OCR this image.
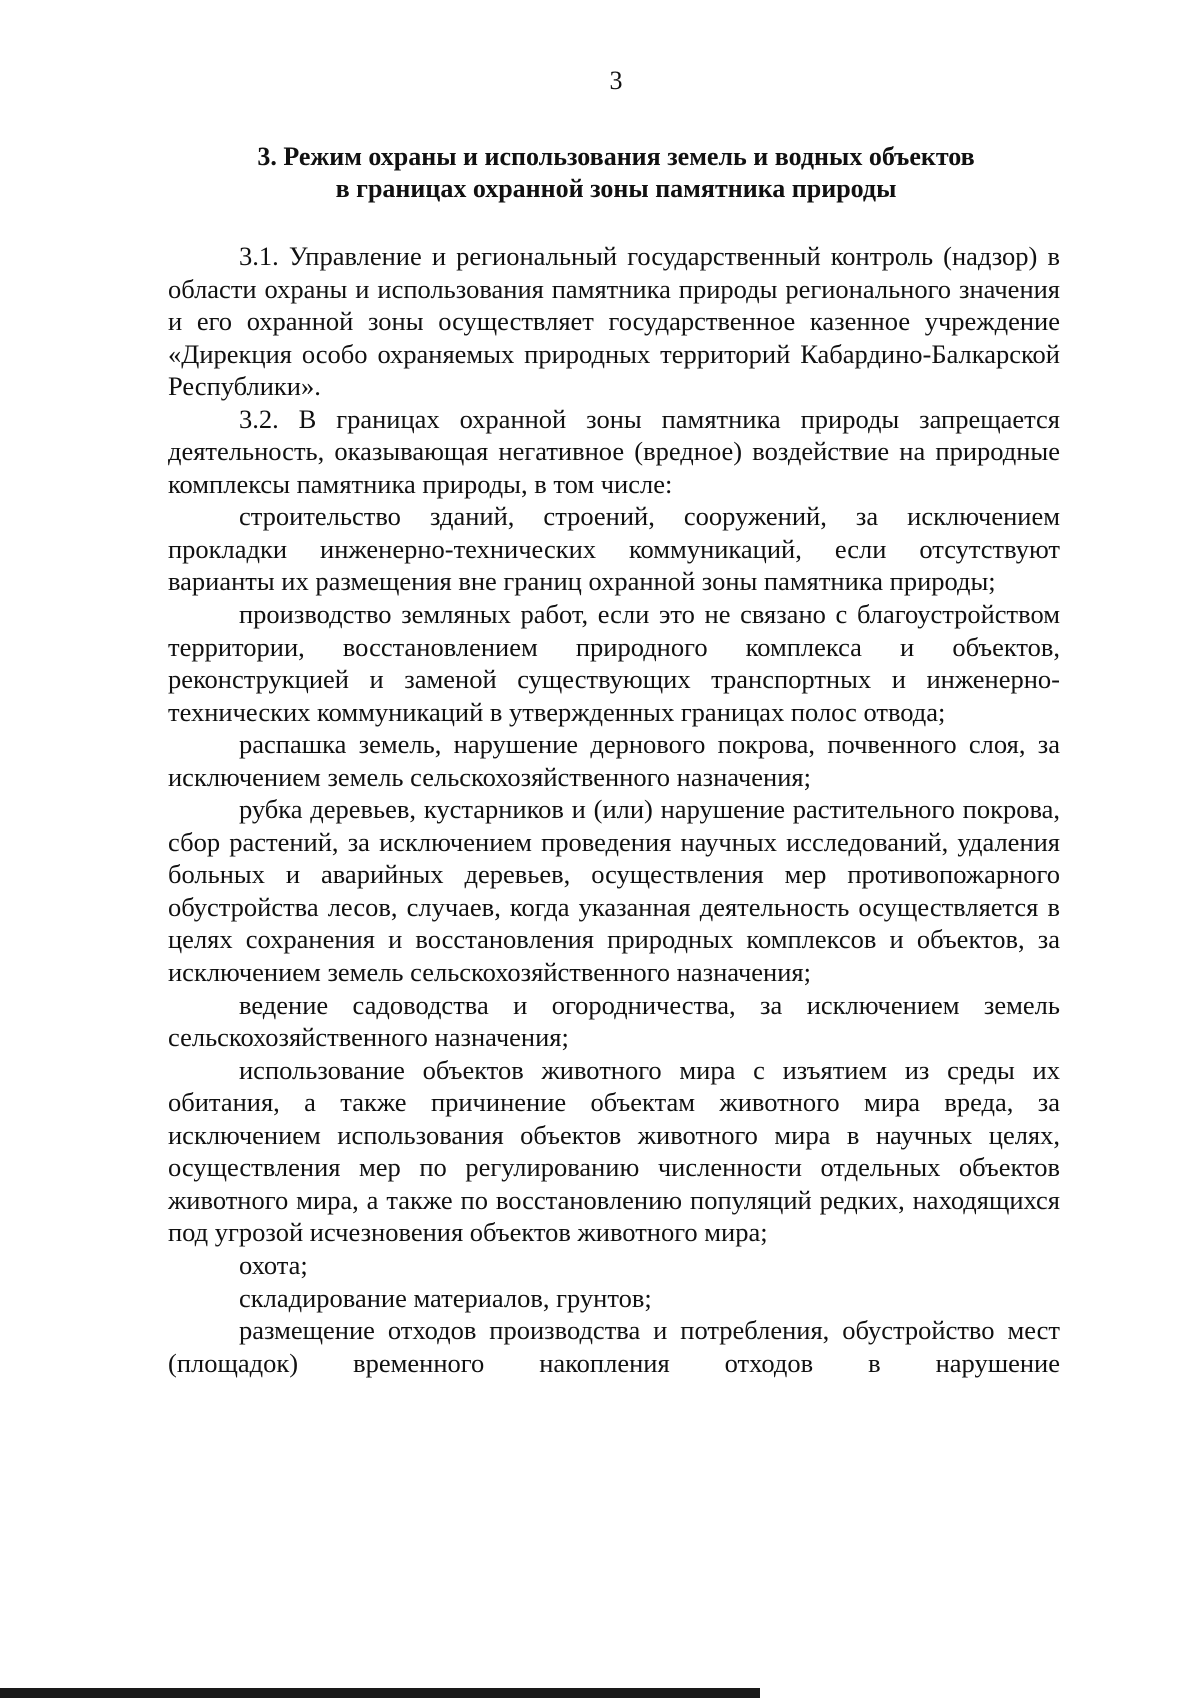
3
3. Режим охраны и использования земель и водных объектов
в границах охранной зоны памятника природы

3.1. Управление и региональный государственный контроль (надзор) в области охраны и использования памятника природы регионального значения и его охранной зоны осуществляет государственное казенное учреждение «Дирекция особо охраняемых природных территорий Кабардино-Балкарской Республики».

3.2. В границах охранной зоны памятника природы запрещается деятельность, оказывающая негативное (вредное) воздействие на природные комплексы памятника природы, в том числе:

строительство зданий, строений, сооружений, за исключением прокладки инженерно-технических коммуникаций, если отсутствуют варианты их размещения вне границ охранной зоны памятника природы;

производство земляных работ, если это не связано с благоустройством территории, восстановлением природного комплекса и объектов, реконструкцией и заменой существующих транспортных и инженерно-технических коммуникаций в утвержденных границах полос отвода;

распашка земель, нарушение дернового покрова, почвенного слоя, за исключением земель сельскохозяйственного назначения;

рубка деревьев, кустарников и (или) нарушение растительного покрова, сбор растений, за исключением проведения научных исследований, удаления больных и аварийных деревьев, осуществления мер противопожарного обустройства лесов, случаев, когда указанная деятельность осуществляется в целях сохранения и восстановления природных комплексов и объектов, за исключением земель сельскохозяйственного назначения;

ведение садоводства и огородничества, за исключением земель сельскохозяйственного назначения;

использование объектов животного мира с изъятием из среды их обитания, а также причинение объектам животного мира вреда, за исключением использования объектов животного мира в научных целях, осуществления мер по регулированию численности отдельных объектов животного мира, а также по восстановлению популяций редких, находящихся под угрозой исчезновения объектов животного мира;

охота;

складирование материалов, грунтов;

размещение отходов производства и потребления, обустройство мест (площадок) временного накопления отходов в нарушение
